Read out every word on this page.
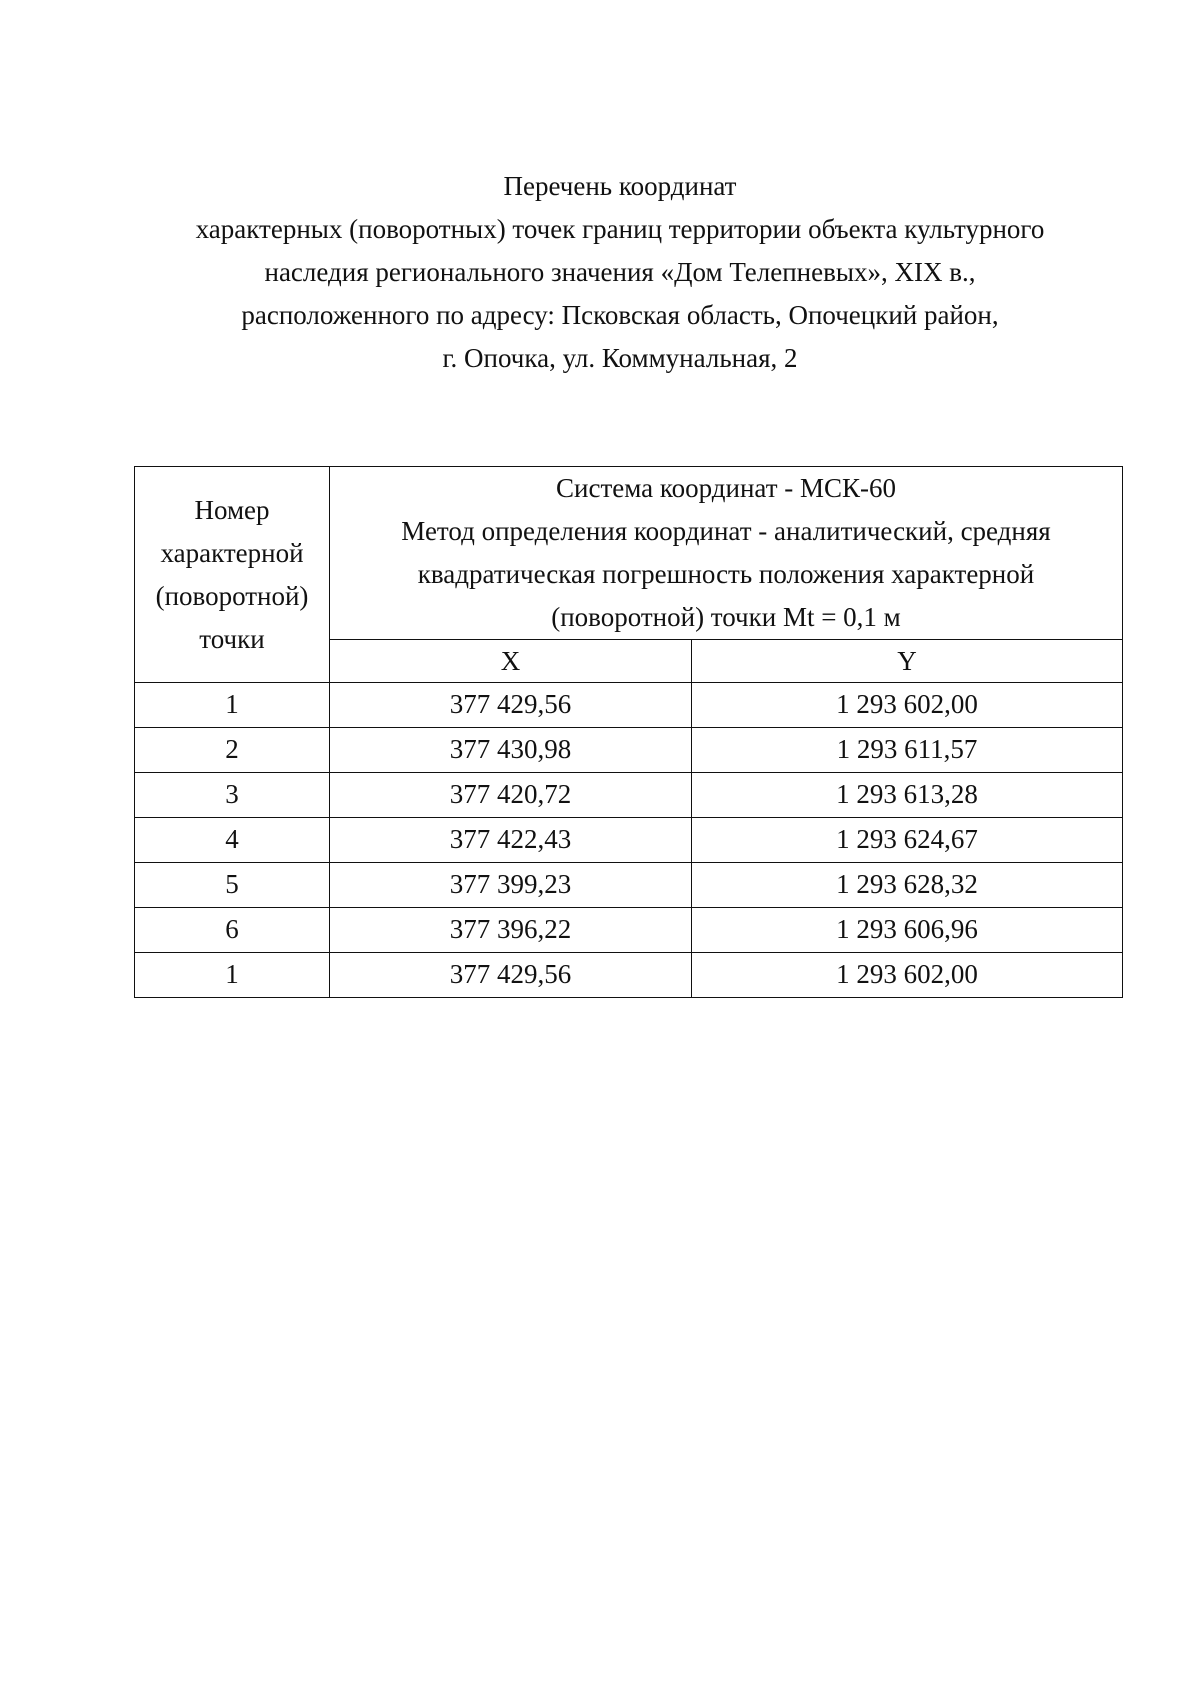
Перечень координат
характерных (поворотных) точек границ территории объекта культурного
наследия регионального значения «Дом Телепневых», XIX в.,
расположенного по адресу: Псковская область, Опочецкий район,
г. Опочка, ул. Коммунальная, 2
Номер
характерной
(поворотной)
точки	Система координат - МСК-60
Метод определения координат - аналитический, средняя
квадратическая погрешность положения характерной
(поворотной) точки Mt = 0,1 м	

	X	Y
1	377 429,56	1 293 602,00
2	377 430,98	1 293 611,57
3	377 420,72	1 293 613,28
4	377 422,43	1 293 624,67
5	377 399,23	1 293 628,32
6	377 396,22	1 293 606,96
1	377 429,56	1 293 602,00
